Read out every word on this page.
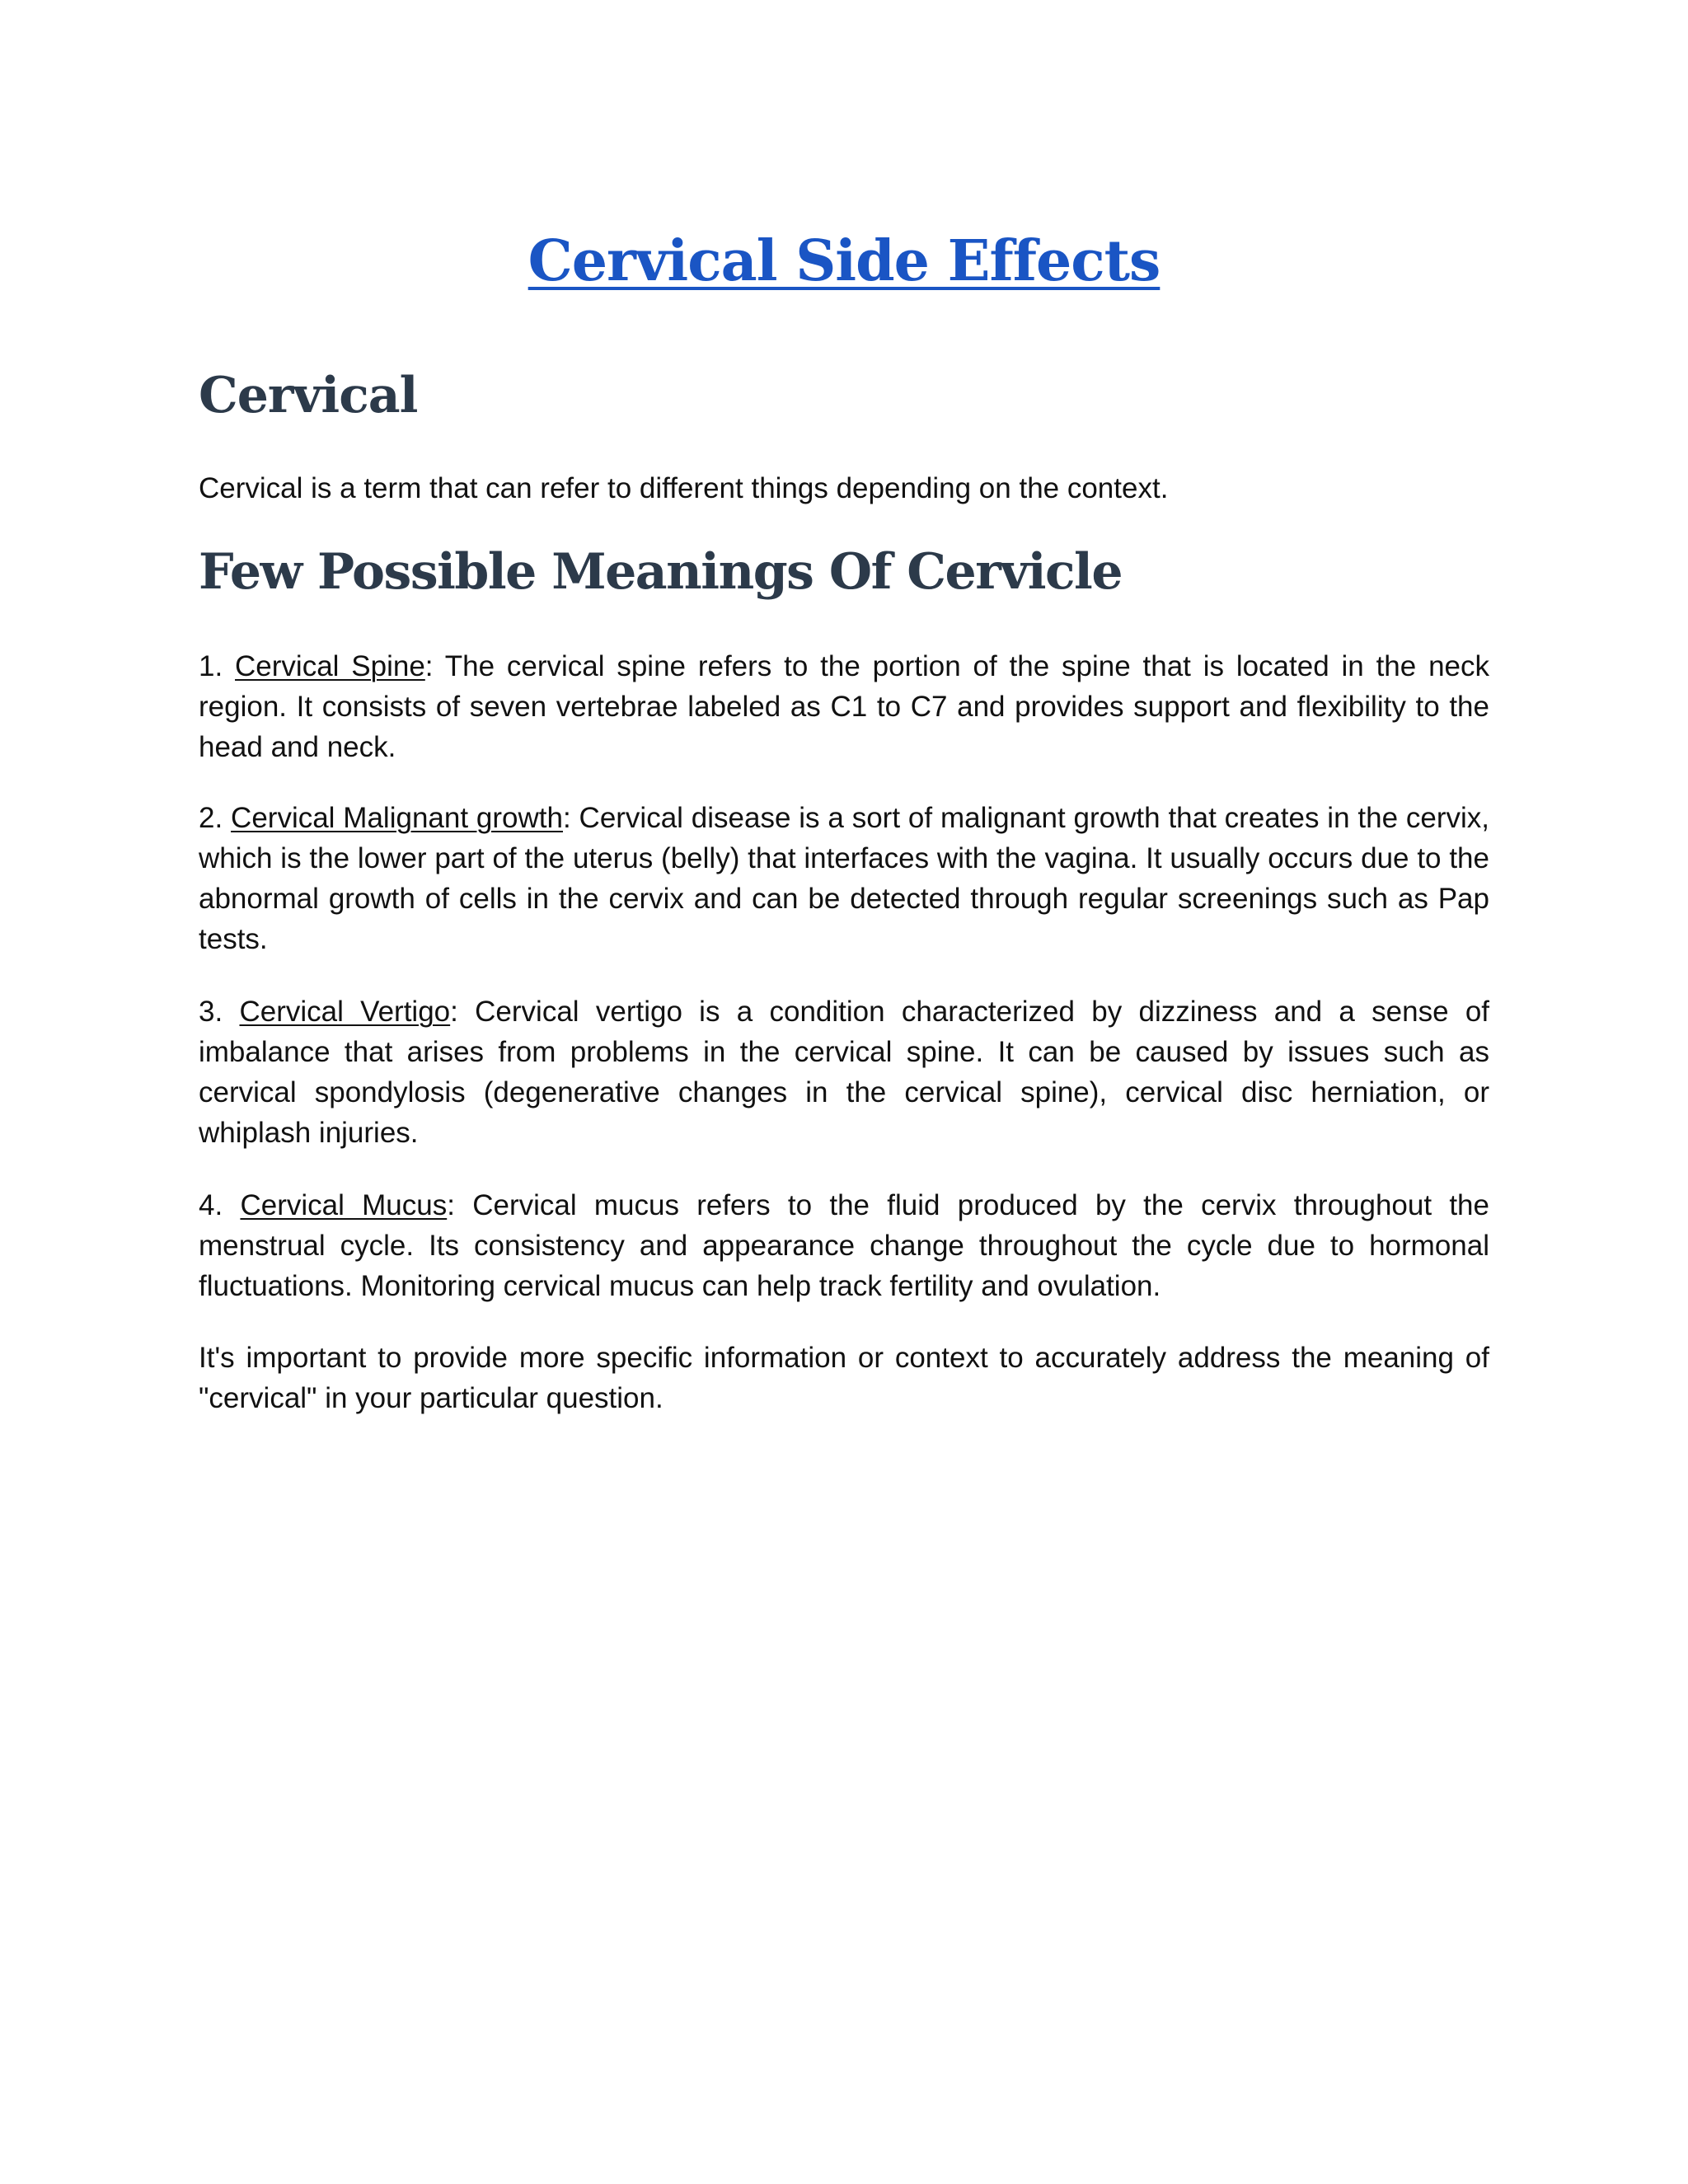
Cervical Side Effects
Cervical

Cervical is a term that can refer to different things depending on the context.

Few Possible Meanings Of Cervicle

1. Cervical Spine: The cervical spine refers to the portion of the spine that is located in the neck region. It consists of seven vertebrae labeled as C1 to C7 and provides support and flexibility to the head and neck.

2. Cervical Malignant growth: Cervical disease is a sort of malignant growth that creates in the cervix, which is the lower part of the uterus (belly) that interfaces with the vagina. It usually occurs due to the abnormal growth of cells in the cervix and can be detected through regular screenings such as Pap tests.

3. Cervical Vertigo: Cervical vertigo is a condition characterized by dizziness and a sense of imbalance that arises from problems in the cervical spine. It can be caused by issues such as cervical spondylosis (degenerative changes in the cervical spine), cervical disc herniation, or whiplash injuries.

4. Cervical Mucus: Cervical mucus refers to the fluid produced by the cervix throughout the menstrual cycle. Its consistency and appearance change throughout the cycle due to hormonal fluctuations. Monitoring cervical mucus can help track fertility and ovulation.

It's important to provide more specific information or context to accurately address the meaning of "cervical" in your particular question.
